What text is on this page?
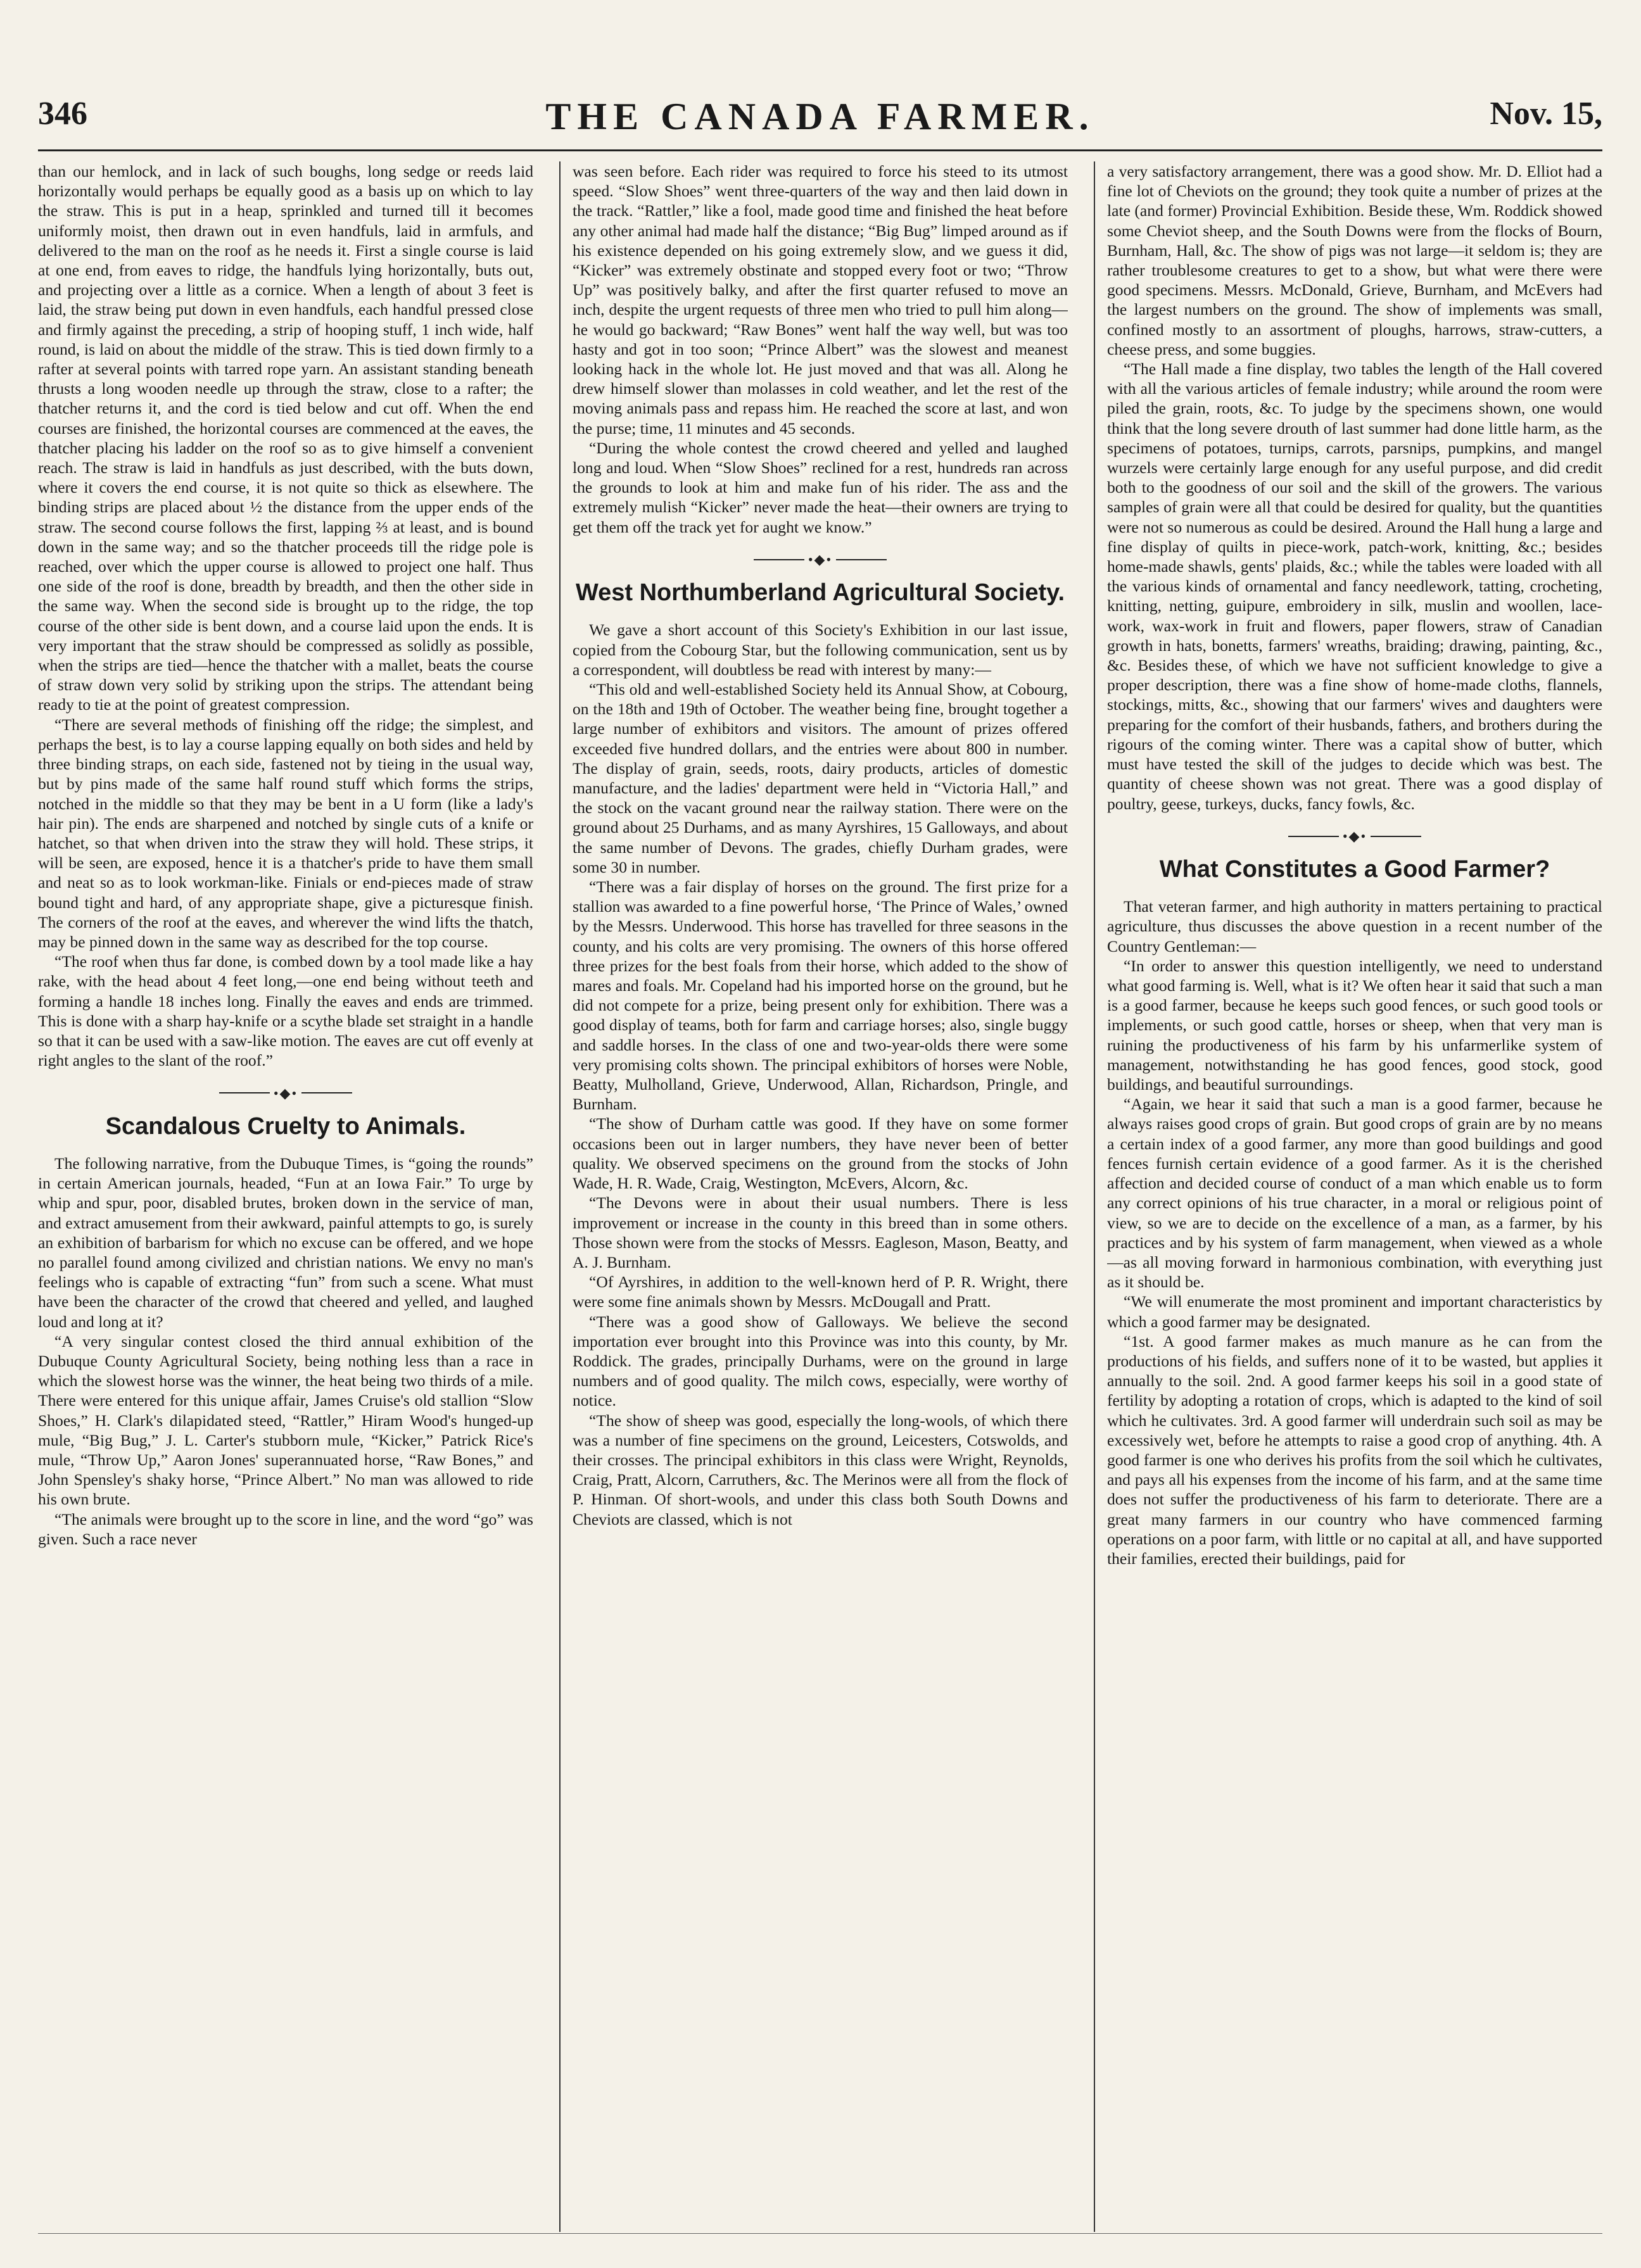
346	THE CANADA FARMER.	Nov. 15,

than our hemlock, and in lack of such boughs, long sedge or reeds laid horizontally would perhaps be equally good as a basis up on which to lay the straw. This is put in a heap, sprinkled and turned till it becomes uniformly moist, then drawn out in even handfuls, laid in armfuls, and delivered to the man on the roof as he needs it. First a single course is laid at one end, from eaves to ridge, the handfuls lying horizontally, buts out, and projecting over a little as a cornice. When a length of about 3 feet is laid, the straw being put down in even handfuls, each handful pressed close and firmly against the preceding, a strip of hooping stuff, 1 inch wide, half round, is laid on about the middle of the straw. This is tied down firmly to a rafter at several points with tarred rope yarn. An assistant standing beneath thrusts a long wooden needle up through the straw, close to a rafter; the thatcher returns it, and the cord is tied below and cut off. When the end courses are finished, the horizontal courses are commenced at the eaves, the thatcher placing his ladder on the roof so as to give himself a convenient reach. The straw is laid in handfuls as just described, with the buts down, where it covers the end course, it is not quite so thick as elsewhere. The binding strips are placed about ½ the distance from the upper ends of the straw. The second course follows the first, lapping ⅔ at least, and is bound down in the same way; and so the thatcher proceeds till the ridge pole is reached, over which the upper course is allowed to project one half. Thus one side of the roof is done, breadth by breadth, and then the other side in the same way. When the second side is brought up to the ridge, the top course of the other side is bent down, and a course laid upon the ends. It is very important that the straw should be compressed as solidly as possible, when the strips are tied—hence the thatcher with a mallet, beats the course of straw down very solid by striking upon the strips. The attendant being ready to tie at the point of greatest compression.

“There are several methods of finishing off the ridge; the simplest, and perhaps the best, is to lay a course lapping equally on both sides and held by three binding straps, on each side, fastened not by tieing in the usual way, but by pins made of the same half round stuff which forms the strips, notched in the middle so that they may be bent in a U form (like a lady's hair pin). The ends are sharpened and notched by single cuts of a knife or hatchet, so that when driven into the straw they will hold. These strips, it will be seen, are exposed, hence it is a thatcher's pride to have them small and neat so as to look workman-like. Finials or end-pieces made of straw bound tight and hard, of any appropriate shape, give a picturesque finish. The corners of the roof at the eaves, and wherever the wind lifts the thatch, may be pinned down in the same way as described for the top course.

“The roof when thus far done, is combed down by a tool made like a hay rake, with the head about 4 feet long,—one end being without teeth and forming a handle 18 inches long. Finally the eaves and ends are trimmed. This is done with a sharp hay-knife or a scythe blade set straight in a handle so that it can be used with a saw-like motion. The eaves are cut off evenly at right angles to the slant of the roof.”

•◆•
Scandalous Cruelty to Animals.

The following narrative, from the Dubuque Times, is “going the rounds” in certain American journals, headed, “Fun at an Iowa Fair.” To urge by whip and spur, poor, disabled brutes, broken down in the service of man, and extract amusement from their awkward, painful attempts to go, is surely an exhibition of barbarism for which no excuse can be offered, and we hope no parallel found among civilized and christian nations. We envy no man's feelings who is capable of extracting “fun” from such a scene. What must have been the character of the crowd that cheered and yelled, and laughed loud and long at it?

“A very singular contest closed the third annual exhibition of the Dubuque County Agricultural Society, being nothing less than a race in which the slowest horse was the winner, the heat being two thirds of a mile. There were entered for this unique affair, James Cruise's old stallion “Slow Shoes,” H. Clark's dilapidated steed, “Rattler,” Hiram Wood's hunged-up mule, “Big Bug,” J. L. Carter's stubborn mule, “Kicker,” Patrick Rice's mule, “Throw Up,” Aaron Jones' superannuated horse, “Raw Bones,” and John Spensley's shaky horse, “Prince Albert.” No man was allowed to ride his own brute.

“The animals were brought up to the score in line, and the word “go” was given. Such a race never

was seen before. Each rider was required to force his steed to its utmost speed. “Slow Shoes” went three-quarters of the way and then laid down in the track. “Rattler,” like a fool, made good time and finished the heat before any other animal had made half the distance; “Big Bug” limped around as if his existence depended on his going extremely slow, and we guess it did, “Kicker” was extremely obstinate and stopped every foot or two; “Throw Up” was positively balky, and after the first quarter refused to move an inch, despite the urgent requests of three men who tried to pull him along—he would go backward; “Raw Bones” went half the way well, but was too hasty and got in too soon; “Prince Albert” was the slowest and meanest looking hack in the whole lot. He just moved and that was all. Along he drew himself slower than molasses in cold weather, and let the rest of the moving animals pass and repass him. He reached the score at last, and won the purse; time, 11 minutes and 45 seconds.

“During the whole contest the crowd cheered and yelled and laughed long and loud. When “Slow Shoes” reclined for a rest, hundreds ran across the grounds to look at him and make fun of his rider. The ass and the extremely mulish “Kicker” never made the heat—their owners are trying to get them off the track yet for aught we know.”

•◆•
West Northumberland Agricultural Society.

We gave a short account of this Society's Exhibition in our last issue, copied from the Cobourg Star, but the following communication, sent us by a correspondent, will doubtless be read with interest by many:—

“This old and well-established Society held its Annual Show, at Cobourg, on the 18th and 19th of October. The weather being fine, brought together a large number of exhibitors and visitors. The amount of prizes offered exceeded five hundred dollars, and the entries were about 800 in number. The display of grain, seeds, roots, dairy products, articles of domestic manufacture, and the ladies' department were held in “Victoria Hall,” and the stock on the vacant ground near the railway station. There were on the ground about 25 Durhams, and as many Ayrshires, 15 Galloways, and about the same number of Devons. The grades, chiefly Durham grades, were some 30 in number.

“There was a fair display of horses on the ground. The first prize for a stallion was awarded to a fine powerful horse, ‘The Prince of Wales,’ owned by the Messrs. Underwood. This horse has travelled for three seasons in the county, and his colts are very promising. The owners of this horse offered three prizes for the best foals from their horse, which added to the show of mares and foals. Mr. Copeland had his imported horse on the ground, but he did not compete for a prize, being present only for exhibition. There was a good display of teams, both for farm and carriage horses; also, single buggy and saddle horses. In the class of one and two-year-olds there were some very promising colts shown. The principal exhibitors of horses were Noble, Beatty, Mulholland, Grieve, Underwood, Allan, Richardson, Pringle, and Burnham.

“The show of Durham cattle was good. If they have on some former occasions been out in larger numbers, they have never been of better quality. We observed specimens on the ground from the stocks of John Wade, H. R. Wade, Craig, Westington, McEvers, Alcorn, &c.

“The Devons were in about their usual numbers. There is less improvement or increase in the county in this breed than in some others. Those shown were from the stocks of Messrs. Eagleson, Mason, Beatty, and A. J. Burnham.

“Of Ayrshires, in addition to the well-known herd of P. R. Wright, there were some fine animals shown by Messrs. McDougall and Pratt.

“There was a good show of Galloways. We believe the second importation ever brought into this Province was into this county, by Mr. Roddick. The grades, principally Durhams, were on the ground in large numbers and of good quality. The milch cows, especially, were worthy of notice.

“The show of sheep was good, especially the long-wools, of which there was a number of fine specimens on the ground, Leicesters, Cotswolds, and their crosses. The principal exhibitors in this class were Wright, Reynolds, Craig, Pratt, Alcorn, Carruthers, &c. The Merinos were all from the flock of P. Hinman. Of short-wools, and under this class both South Downs and Cheviots are classed, which is not

a very satisfactory arrangement, there was a good show. Mr. D. Elliot had a fine lot of Cheviots on the ground; they took quite a number of prizes at the late (and former) Provincial Exhibition. Beside these, Wm. Roddick showed some Cheviot sheep, and the South Downs were from the flocks of Bourn, Burnham, Hall, &c. The show of pigs was not large—it seldom is; they are rather troublesome creatures to get to a show, but what were there were good specimens. Messrs. McDonald, Grieve, Burnham, and McEvers had the largest numbers on the ground. The show of implements was small, confined mostly to an assortment of ploughs, harrows, straw-cutters, a cheese press, and some buggies.

“The Hall made a fine display, two tables the length of the Hall covered with all the various articles of female industry; while around the room were piled the grain, roots, &c. To judge by the specimens shown, one would think that the long severe drouth of last summer had done little harm, as the specimens of potatoes, turnips, carrots, parsnips, pumpkins, and mangel wurzels were certainly large enough for any useful purpose, and did credit both to the goodness of our soil and the skill of the growers. The various samples of grain were all that could be desired for quality, but the quantities were not so numerous as could be desired. Around the Hall hung a large and fine display of quilts in piece-work, patch-work, knitting, &c.; besides home-made shawls, gents' plaids, &c.; while the tables were loaded with all the various kinds of ornamental and fancy needlework, tatting, crocheting, knitting, netting, guipure, embroidery in silk, muslin and woollen, lace-work, wax-work in fruit and flowers, paper flowers, straw of Canadian growth in hats, bonetts, farmers' wreaths, braiding; drawing, painting, &c., &c. Besides these, of which we have not sufficient knowledge to give a proper description, there was a fine show of home-made cloths, flannels, stockings, mitts, &c., showing that our farmers' wives and daughters were preparing for the comfort of their husbands, fathers, and brothers during the rigours of the coming winter. There was a capital show of butter, which must have tested the skill of the judges to decide which was best. The quantity of cheese shown was not great. There was a good display of poultry, geese, turkeys, ducks, fancy fowls, &c.

•◆•
What Constitutes a Good Farmer?

That veteran farmer, and high authority in matters pertaining to practical agriculture, thus discusses the above question in a recent number of the Country Gentleman:—

“In order to answer this question intelligently, we need to understand what good farming is. Well, what is it? We often hear it said that such a man is a good farmer, because he keeps such good fences, or such good tools or implements, or such good cattle, horses or sheep, when that very man is ruining the productiveness of his farm by his unfarmerlike system of management, notwithstanding he has good fences, good stock, good buildings, and beautiful surroundings.

“Again, we hear it said that such a man is a good farmer, because he always raises good crops of grain. But good crops of grain are by no means a certain index of a good farmer, any more than good buildings and good fences furnish certain evidence of a good farmer. As it is the cherished affection and decided course of conduct of a man which enable us to form any correct opinions of his true character, in a moral or religious point of view, so we are to decide on the excellence of a man, as a farmer, by his practices and by his system of farm management, when viewed as a whole—as all moving forward in harmonious combination, with everything just as it should be.

“We will enumerate the most prominent and important characteristics by which a good farmer may be designated.

“1st. A good farmer makes as much manure as he can from the productions of his fields, and suffers none of it to be wasted, but applies it annually to the soil. 2nd. A good farmer keeps his soil in a good state of fertility by adopting a rotation of crops, which is adapted to the kind of soil which he cultivates. 3rd. A good farmer will underdrain such soil as may be excessively wet, before he attempts to raise a good crop of anything. 4th. A good farmer is one who derives his profits from the soil which he cultivates, and pays all his expenses from the income of his farm, and at the same time does not suffer the productiveness of his farm to deteriorate. There are a great many farmers in our country who have commenced farming operations on a poor farm, with little or no capital at all, and have supported their families, erected their buildings, paid for
